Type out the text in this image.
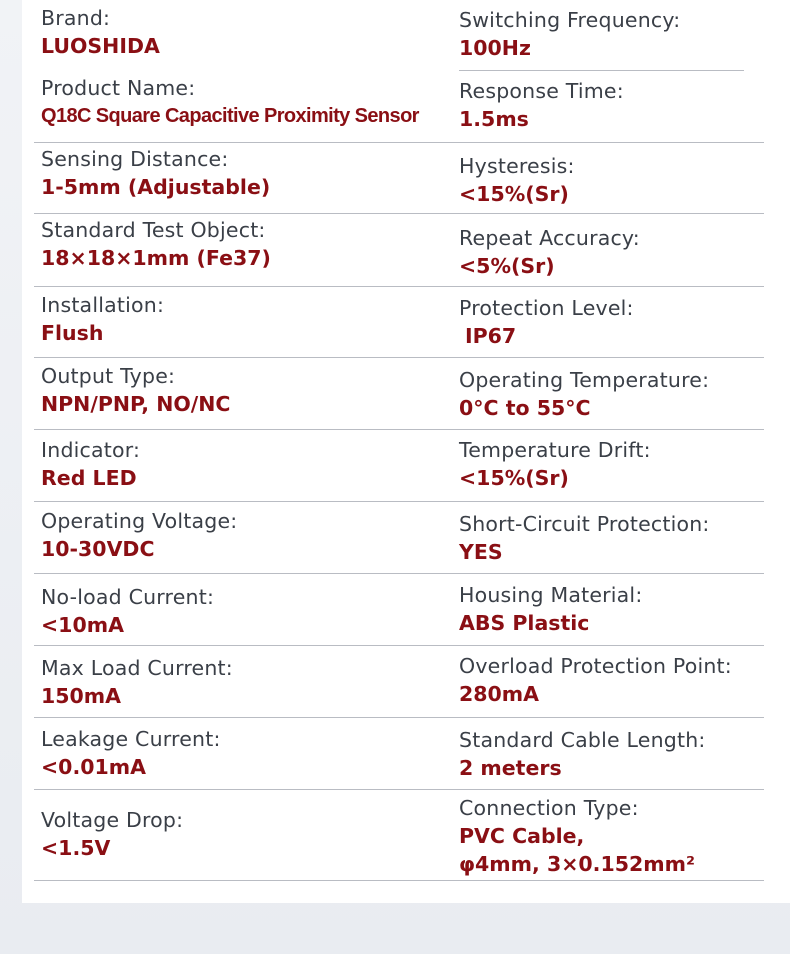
Brand:
LUOSHIDA
Switching Frequency:
100Hz
Product Name:
Q18C Square Capacitive Proximity Sensor
Response Time:
1.5ms
Sensing Distance:
1-5mm (Adjustable)
Hysteresis:
<15%(Sr)
Standard Test Object:
18×18×1mm (Fe37)
Repeat Accuracy:
<5%(Sr)
Installation:
Flush
Protection Level:
IP67
Output Type:
NPN/PNP, NO/NC
Operating Temperature:
0°C to 55°C
Indicator:
Red LED
Temperature Drift:
<15%(Sr)
Operating Voltage:
10-30VDC
Short-Circuit Protection:
YES
No-load Current:
<10mA
Housing Material:
ABS Plastic
Max Load Current:
150mA
Overload Protection Point:
280mA
Leakage Current:
<0.01mA
Standard Cable Length:
2 meters
Voltage Drop:
<1.5V
Connection Type:
PVC Cable,
φ4mm, 3×0.152mm²
